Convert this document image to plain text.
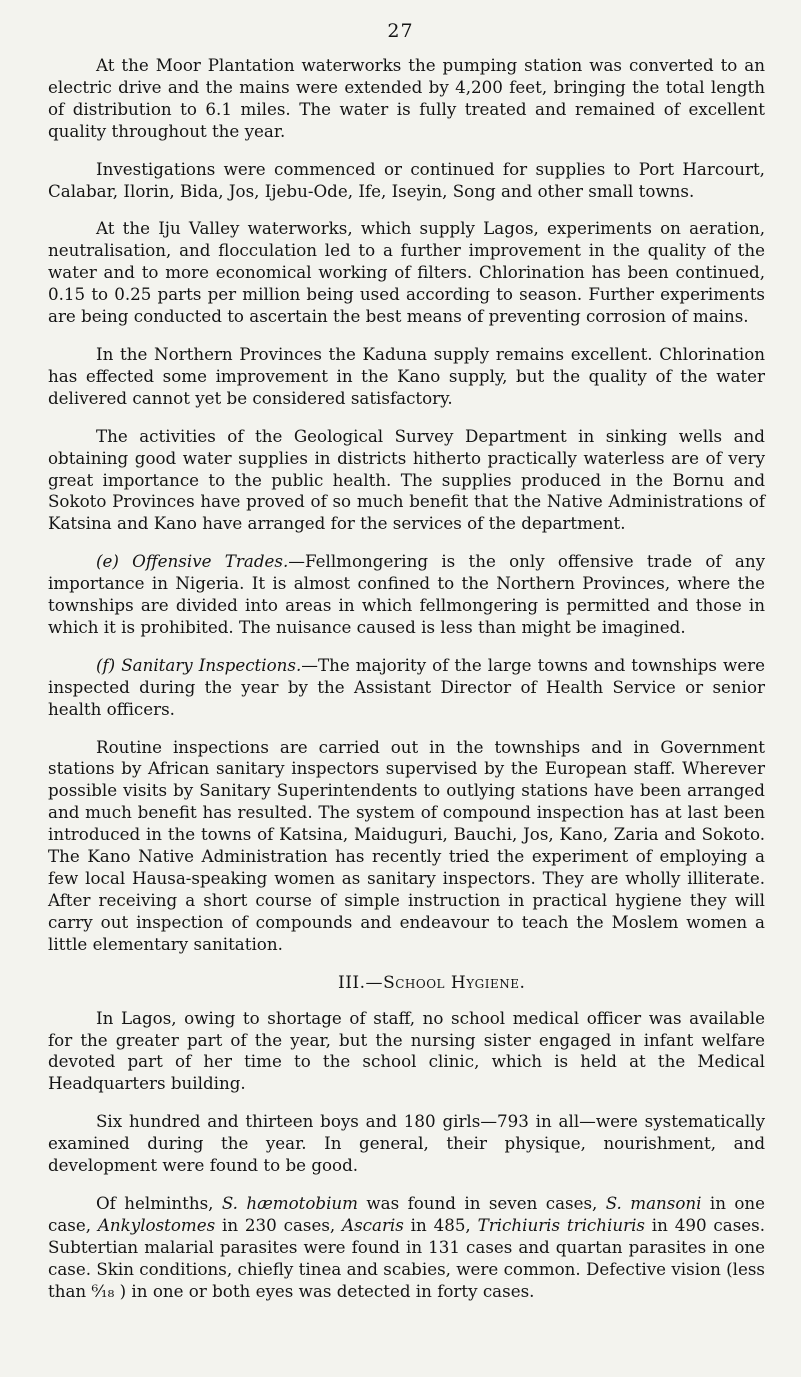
27

At the Moor Plantation waterworks the pumping station was converted to an electric drive and the mains were extended by 4,200 feet, bringing the total length of distribution to 6.1 miles. The water is fully treated and remained of excellent quality throughout the year.

Investigations were commenced or continued for supplies to Port Harcourt, Calabar, Ilorin, Bida, Jos, Ijebu-Ode, Ife, Iseyin, Song and other small towns.

At the Iju Valley waterworks, which supply Lagos, experiments on aeration, neutralisation, and flocculation led to a further improvement in the quality of the water and to more economical working of filters. Chlorination has been continued, 0.15 to 0.25 parts per million being used according to season. Further experiments are being conducted to ascertain the best means of preventing corrosion of mains.

In the Northern Provinces the Kaduna supply remains excellent. Chlorination has effected some improvement in the Kano supply, but the quality of the water delivered cannot yet be considered satisfactory.

The activities of the Geological Survey Department in sinking wells and obtaining good water supplies in districts hitherto practically waterless are of very great importance to the public health. The supplies produced in the Bornu and Sokoto Provinces have proved of so much benefit that the Native Administrations of Katsina and Kano have arranged for the services of the department.

(e) Offensive Trades.—Fellmongering is the only offensive trade of any importance in Nigeria. It is almost confined to the Northern Provinces, where the townships are divided into areas in which fellmongering is permitted and those in which it is prohibited. The nuisance caused is less than might be imagined.

(f) Sanitary Inspections.—The majority of the large towns and townships were inspected during the year by the Assistant Director of Health Service or senior health officers.

Routine inspections are carried out in the townships and in Government stations by African sanitary inspectors supervised by the European staff. Wherever possible visits by Sanitary Superintendents to outlying stations have been arranged and much benefit has resulted. The system of compound inspection has at last been introduced in the towns of Katsina, Maiduguri, Bauchi, Jos, Kano, Zaria and Sokoto. The Kano Native Administration has recently tried the experiment of employing a few local Hausa-speaking women as sanitary inspectors. They are wholly illiterate. After receiving a short course of simple instruction in practical hygiene they will carry out inspection of compounds and endeavour to teach the Moslem women a little elementary sanitation.

III.—School Hygiene.

In Lagos, owing to shortage of staff, no school medical officer was available for the greater part of the year, but the nursing sister engaged in infant welfare devoted part of her time to the school clinic, which is held at the Medical Headquarters building.

Six hundred and thirteen boys and 180 girls—793 in all—were systematically examined during the year. In general, their physique, nourishment, and development were found to be good.

Of helminths, S. hæmotobium was found in seven cases, S. mansoni in one case, Ankylostomes in 230 cases, Ascaris in 485, Trichiuris trichiuris in 490 cases. Subtertian malarial parasites were found in 131 cases and quartan parasites in one case. Skin conditions, chiefly tinea and scabies, were common. Defective vision (less than ⁶⁄₁₈ ) in one or both eyes was detected in forty cases.
